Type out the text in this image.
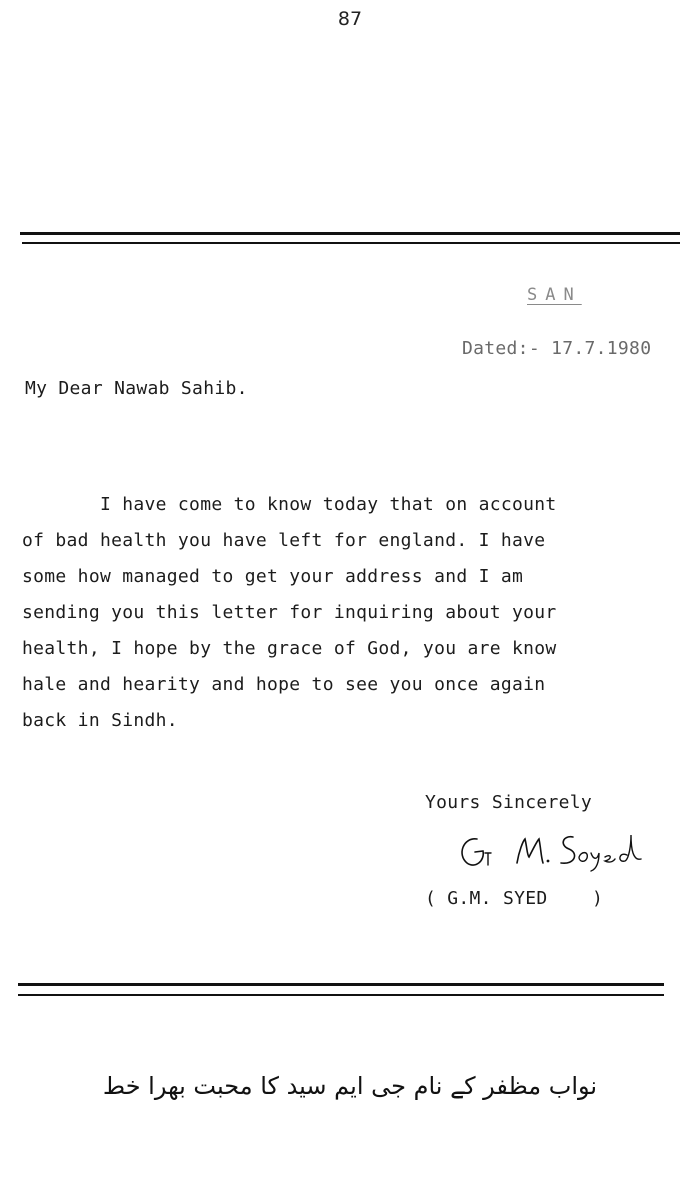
87
SAN
Dated:- 17.7.1980
My Dear Nawab Sahib.
I have come to know today that on account
of bad health you have left for england. I have
some how managed to get your address and I am
sending you this letter for inquiring about your
health, I hope by the grace of God, you are know
hale and hearity and hope to see you once again
back in Sindh.
Yours Sincerely
( G.M. SYED    )
نواب مظفر کے نام جی ایم سید کا محبت بھرا خط
